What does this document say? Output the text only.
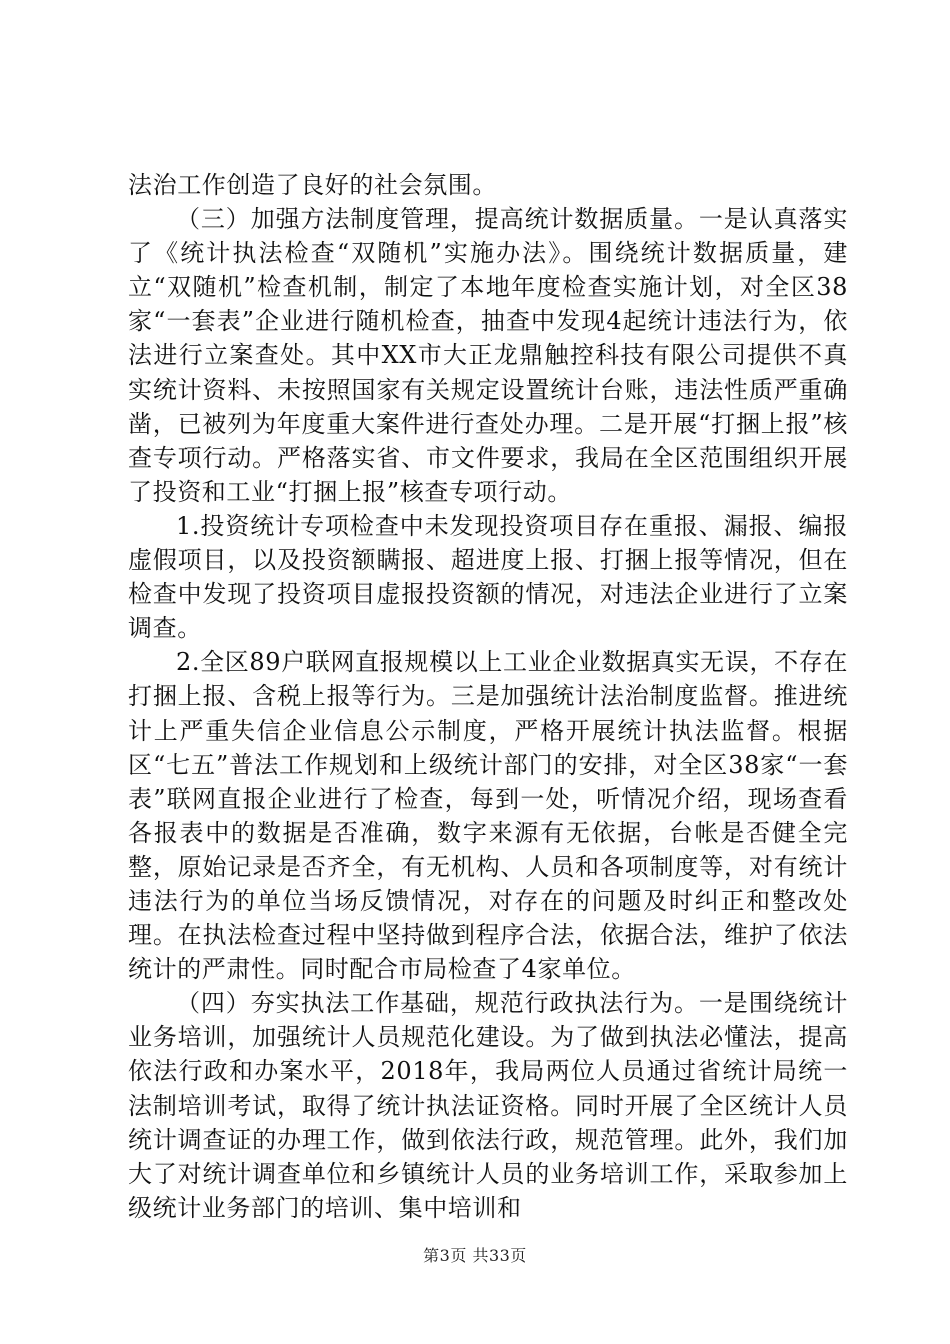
法治工作创造了良好的社会氛围。

（三）加强方法制度管理，提高统计数据质量。一是认真落实了《统计执法检查“双随机”实施办法》。围绕统计数据质量，建立“双随机”检查机制，制定了本地年度检查实施计划，对全区38家“一套表”企业进行随机检查，抽查中发现4起统计违法行为，依法进行立案查处。其中XX市大正龙鼎触控科技有限公司提供不真实统计资料、未按照国家有关规定设置统计台账，违法性质严重确凿，已被列为年度重大案件进行查处办理。二是开展“打捆上报”核查专项行动。严格落实省、市文件要求，我局在全区范围组织开展了投资和工业“打捆上报”核查专项行动。

1.投资统计专项检查中未发现投资项目存在重报、漏报、编报虚假项目，以及投资额瞒报、超进度上报、打捆上报等情况，但在检查中发现了投资项目虚报投资额的情况，对违法企业进行了立案调查。

2.全区89户联网直报规模以上工业企业数据真实无误，不存在打捆上报、含税上报等行为。三是加强统计法治制度监督。推进统计上严重失信企业信息公示制度，严格开展统计执法监督。根据区“七五”普法工作规划和上级统计部门的安排，对全区38家“一套表”联网直报企业进行了检查，每到一处，听情况介绍，现场查看各报表中的数据是否准确，数字来源有无依据，台帐是否健全完整，原始记录是否齐全，有无机构、人员和各项制度等，对有统计违法行为的单位当场反馈情况，对存在的问题及时纠正和整改处理。在执法检查过程中坚持做到程序合法，依据合法，维护了依法统计的严肃性。同时配合市局检查了4家单位。

（四）夯实执法工作基础，规范行政执法行为。一是围绕统计业务培训，加强统计人员规范化建设。为了做到执法必懂法，提高依法行政和办案水平，2018年，我局两位人员通过省统计局统一法制培训考试，取得了统计执法证资格。同时开展了全区统计人员统计调查证的办理工作，做到依法行政，规范管理。此外，我们加大了对统计调查单位和乡镇统计人员的业务培训工作，采取参加上级统计业务部门的培训、集中培训和

第3页 共33页
